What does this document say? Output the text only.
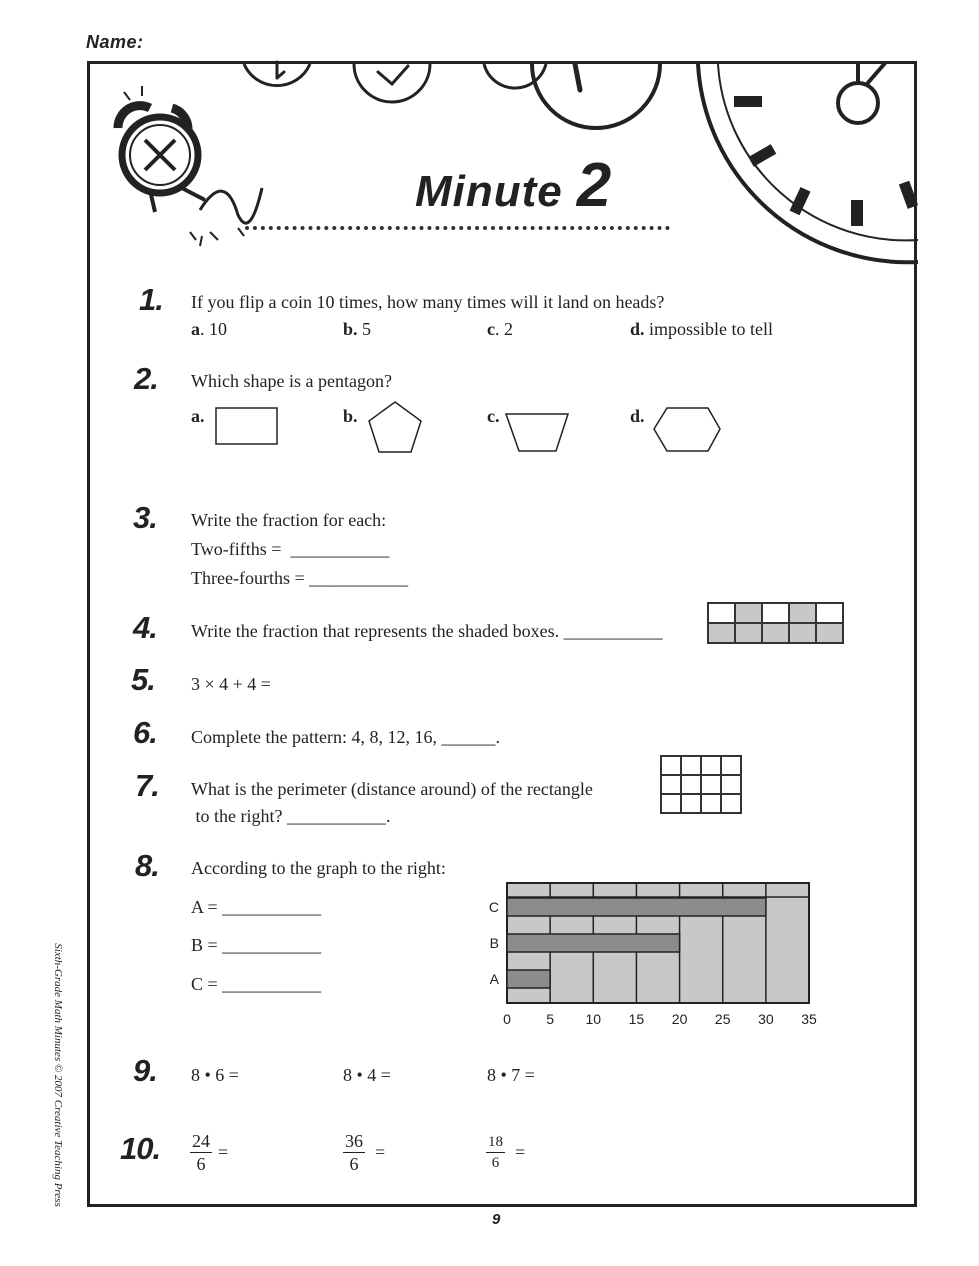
Name:
Minute 2
1. If you flip a coin 10 times, how many times will it land on heads?
a. 10	b. 5	c. 2	d. impossible to tell
2. Which shape is a pentagon?
a.	b.	c.	d.
3. Write the fraction for each:
Two-fifths =  ___________
Three-fourths = ___________
4. Write the fraction that represents the shaded boxes. ___________

5. 3 × 4 + 4 =
6. Complete the pattern: 4, 8, 12, 16, ______.
7. What is the perimeter (distance around) of the rectangle
to the right? ___________.

8. According to the graph to the right:
A = ___________
B = ___________
C = ___________
0	5 10 15 20 25 30 35
C
B
A
9. 8 • 6 =	8 • 4 =	8 • 7 =
10. $\frac{24}{6}$ =	$\frac{36}{6}$ =	$\frac{18}{6}$ =
Sixth-Grade Math Minutes © 2007 Creative Teaching Press
9
